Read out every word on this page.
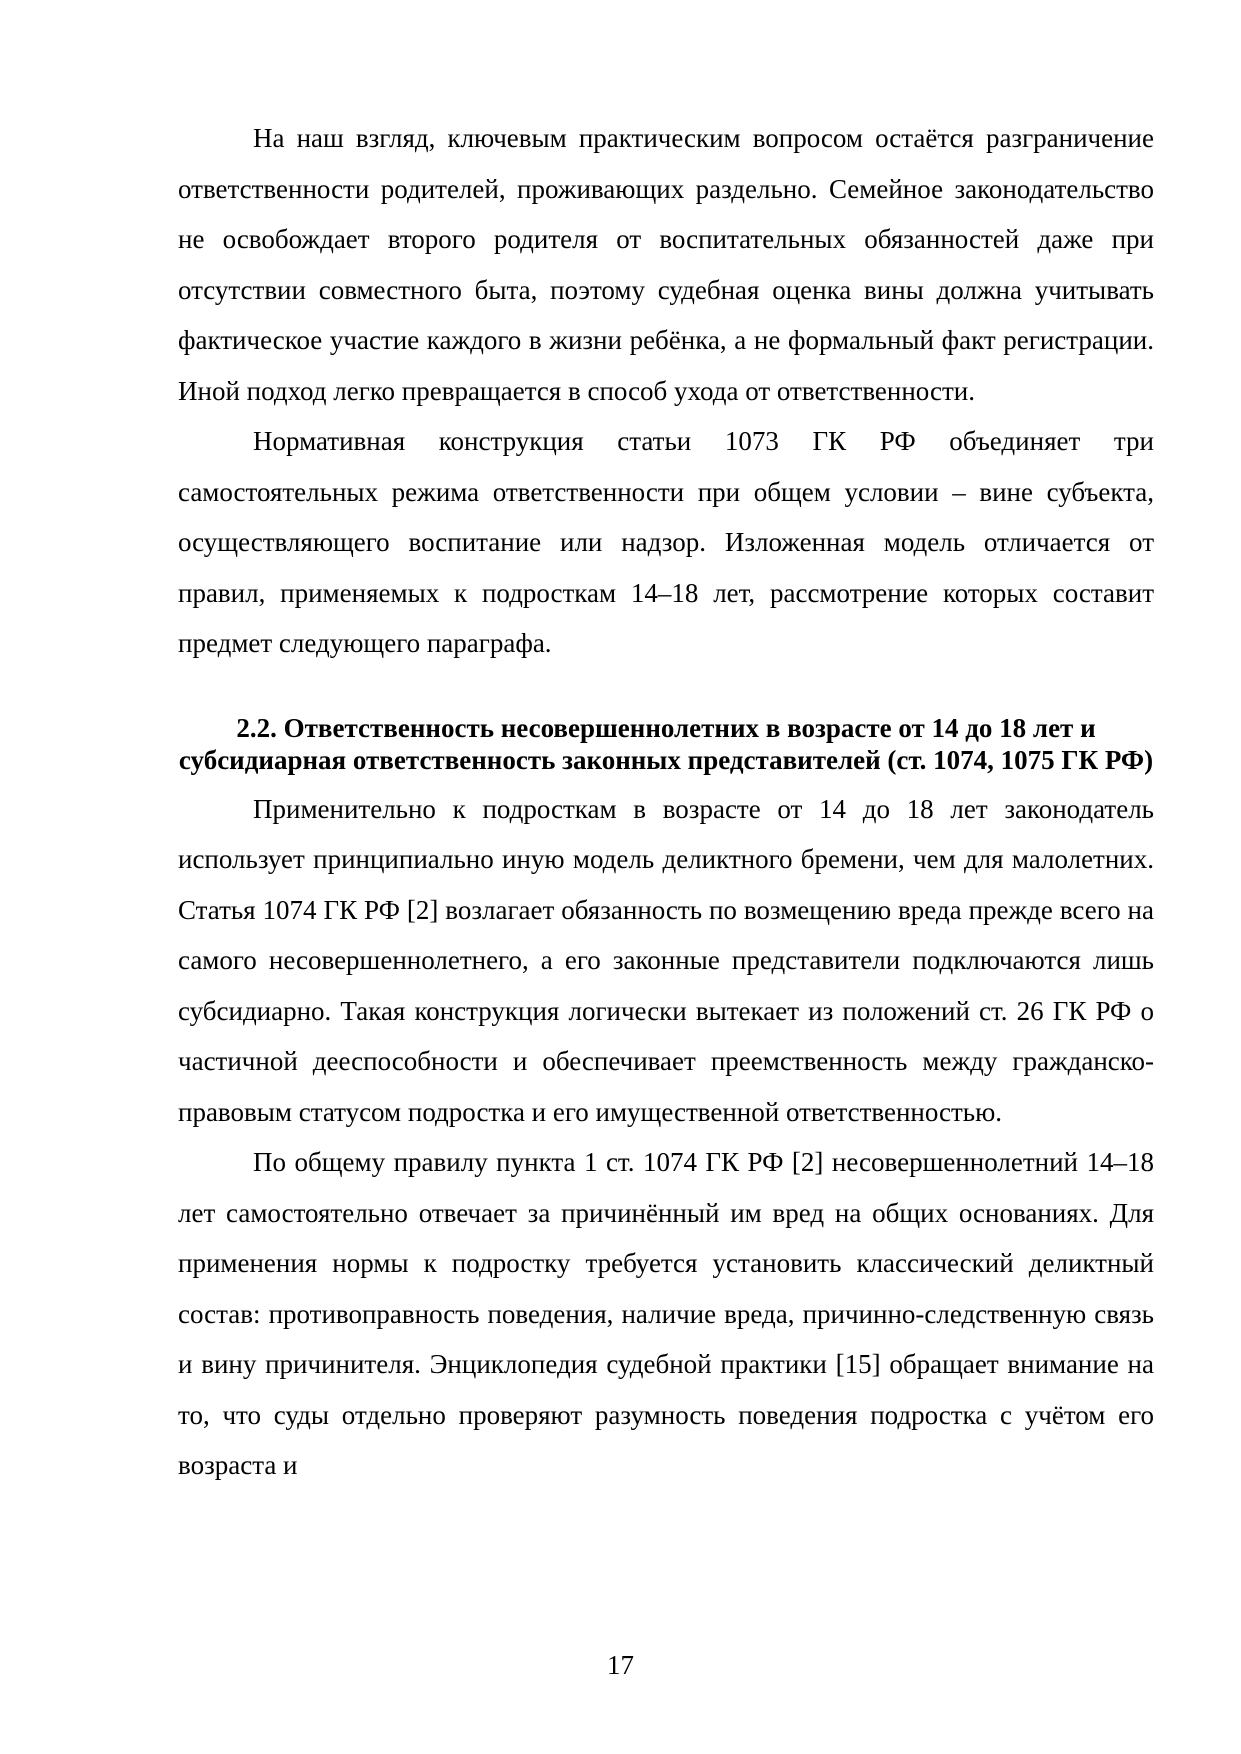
На наш взгляд, ключевым практическим вопросом остаётся разграничение ответственности родителей, проживающих раздельно. Семейное законодательство не освобождает второго родителя от воспитательных обязанностей даже при отсутствии совместного быта, поэтому судебная оценка вины должна учитывать фактическое участие каждого в жизни ребёнка, а не формальный факт регистрации. Иной подход легко превращается в способ ухода от ответственности.

Нормативная конструкция статьи 1073 ГК РФ объединяет три самостоятельных режима ответственности при общем условии – вине субъекта, осуществляющего воспитание или надзор. Изложенная модель отличается от правил, применяемых к подросткам 14–18 лет, рассмотрение которых составит предмет следующего параграфа.

2.2. Ответственность несовершеннолетних в возрасте от 14 до 18 лет и субсидиарная ответственность законных представителей (ст. 1074, 1075 ГК РФ)

Применительно к подросткам в возрасте от 14 до 18 лет законодатель использует принципиально иную модель деликтного бремени, чем для малолетних. Статья 1074 ГК РФ [2] возлагает обязанность по возмещению вреда прежде всего на самого несовершеннолетнего, а его законные представители подключаются лишь субсидиарно. Такая конструкция логически вытекает из положений ст. 26 ГК РФ о частичной дееспособности и обеспечивает преемственность между гражданско-правовым статусом подростка и его имущественной ответственностью.

По общему правилу пункта 1 ст. 1074 ГК РФ [2] несовершеннолетний 14–18 лет самостоятельно отвечает за причинённый им вред на общих основаниях. Для применения нормы к подростку требуется установить классический деликтный состав: противоправность поведения, наличие вреда, причинно-следственную связь и вину причинителя. Энциклопедия судебной практики [15] обращает внимание на то, что суды отдельно проверяют разумность поведения подростка с учётом его возраста и

17
